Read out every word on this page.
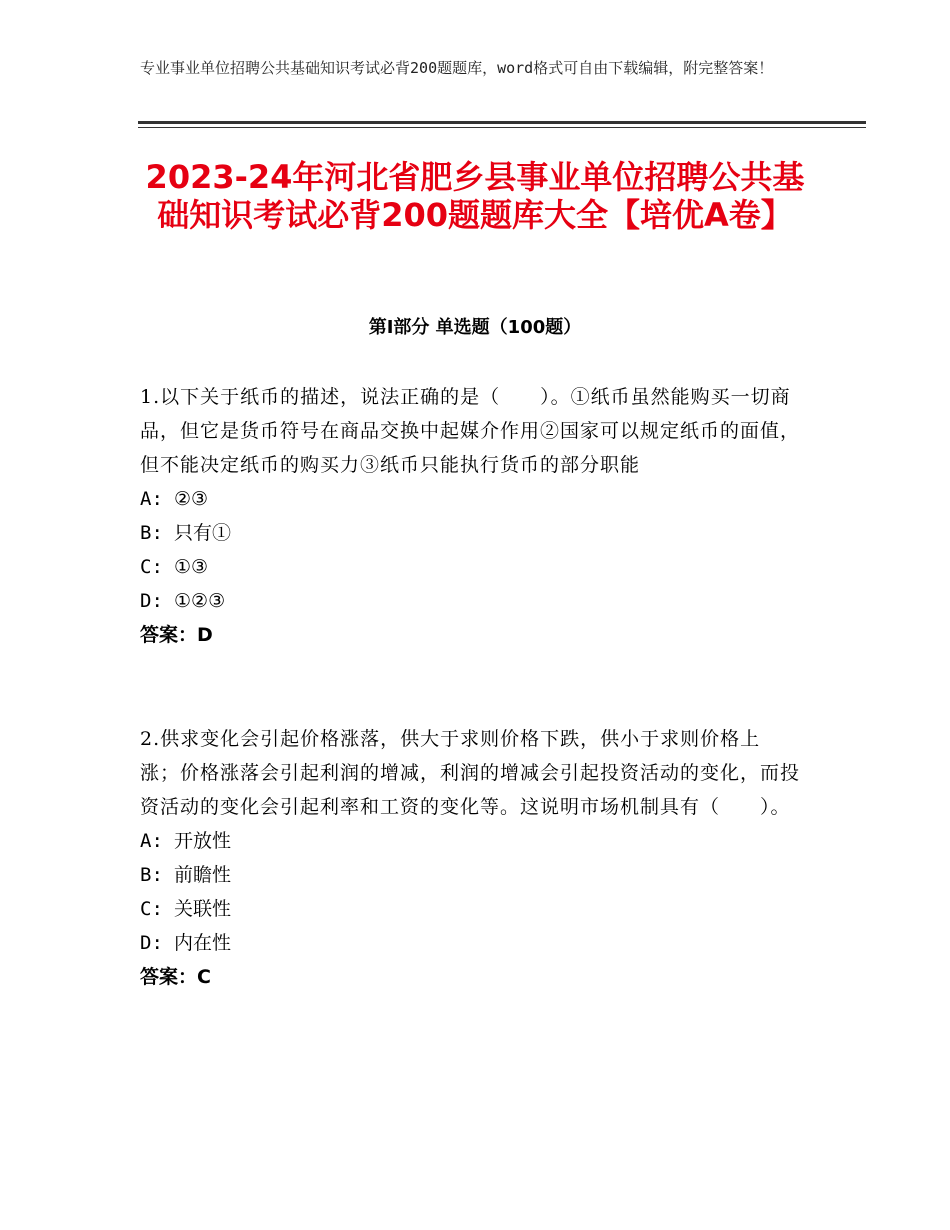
专业事业单位招聘公共基础知识考试必背200题题库，word格式可自由下载编辑，附完整答案！
2023-24年河北省肥乡县事业单位招聘公共基础知识考试必背200题题库大全【培优A卷】
第I部分 单选题（100题）

1.以下关于纸币的描述，说法正确的是（　　）。①纸币虽然能购买一切商品，但它是货币符号在商品交换中起媒介作用②国家可以规定纸币的面值，但不能决定纸币的购买力③纸币只能执行货币的部分职能

A: ②③

B: 只有①

C: ①③

D: ①②③

答案：D

2.供求变化会引起价格涨落，供大于求则价格下跌，供小于求则价格上涨；价格涨落会引起利润的增减，利润的增减会引起投资活动的变化，而投资活动的变化会引起利率和工资的变化等。这说明市场机制具有（　　）。

A: 开放性

B: 前瞻性

C: 关联性

D: 内在性

答案：C
